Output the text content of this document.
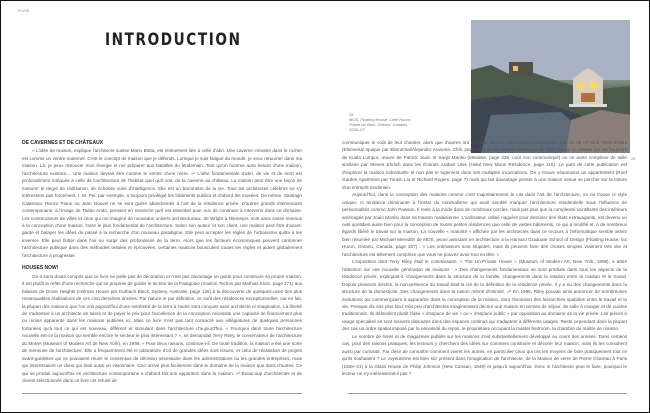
P.0/26
INTRODUCTION
26
MOS, Floating House, Lake Huron, Pointe du Baril, Ontario, Canada, 2006–07
28
DE CAVERNES ET DE CHÂTEAUX

« L'idée de maison, explique l'architecte suisse Mario Botta, est intimement liée à celle d'abri. Une caverne creusée dans le rocher est comme un ventre maternel. C'est le concept de maison que je défends. Lorsque je suis fatigué du monde, je veux retourner dans ma maison. Là, je peux retrouver mon énergie et me préparer aux batailles du lendemain. Tant qu'un homme aura besoin d'une maison, l'architecture existera… Une maison devrait être comme le ventre d'une mère. »¹ L'idée fondamentale d'abri, de vie et de mort est profondément intriquée à celle de l'architecture de l'habitat quel qu'il soit, de la caverne au château. La maison peut être une façon de mesurer le degré de civilisation, de richesse voire d'intelligence. Elle est un baromètre de la vie. Tous les architectes célèbres ne s'y intéressent pas forcément. I. M. Pei, par exemple, a toujours privilégié les bâtiments publics et d'abord les musées. De même, Santiago Calatrava, Renzo Piano ou Jean Nouvel ne se sont guère abandonnés à l'art de la résidence privée. D'autres grands intervenants contemporains, à l'image de Tadao Ando, pensent en revanche qu'il est essentiel pour eux de continuer à intervenir dans ce domaine. Les constructeurs de villes et ceux qui ont imaginé de nouveaux univers architecturaux, de Wright à Niemeyer, sont sans cesse revenus à la conception d'une maison, l'acte le plus fondamental de l'architecture. Selon son auteur et son client, une maison peut être d'avant-garde et balayer les idées du passé à la recherche d'un nouveau paradigme. Elle peut accepter les règles de l'urbanisme quitte à les inverser. Elle peut flotter dans l'air ou surgir des profondeurs de la terre. Alors que les facteurs économiques peuvent cantonner l'architecture publique dans des méthodes testées et éprouvées, certaines maisons bousculent toutes les règles et aident globalement l'architecture à progresser.

HOUSES NOW!

On a sans doute compris que ce livre ne parle pas de décoration et n'est pas davantage un guide pour construire sa propre maison. Il est plutôt le reflet d'une recherche qui se propose de guider le lecteur de la Patagonie (maison Techos par Mathias Klotz, page 271) aux falaises de Dover Heights (Holman House par Durbach Block, Sydney, Australie, page 135) à la découverte de quelques-unes des plus remarquables réalisations de ces cinq dernières années. Par nature et par définition, ce sont des résidences exceptionnelles, car en fait, la plupart des maisons que l'on voit aujourd'hui d'une extrémité de la terre à l'autre sont conçues sans architecte ni imagination. La liberté de s'adresser à un architecte de talent et de payer le prix pour l'excellence de la conception nécessite une capacité de financement plus ou moins apparente dans les maisons publiées ici. Mais ce livre n'est pas tant consacré aux villégiatures de quelques personnes fortunées qu'à tout ce qui est nouveau, différent et stimulant dans l'architecture d'aujourd'hui. « Pourquoi dans toute l'architecture nouvelle est-ce la maison qui semble encore le secteur le plus intéressant ? », se demandait Terry Riley, le conservateur de l'architecture du MoMA (Museum of Modern Art de New York), en 1999. « Pour deux raisons, continue-t-il. De toute tradition, la maison a été une sorte de meneuse de l'architecture. Elle a fréquemment été le laboratoire d'où de grandes idées sont issues, et celui de réalisation de projets avant-gardistes qui ne pouvaient réunir le consensus de décision nécessaire dans les administrations ou les grandes entreprises, mais qui intéressaient un client qui était aussi un visionnaire. Ceci arrive plus facilement dans le domaine de la maison que dans d'autres. Ce qui se produit aujourd'hui en architecture contemporaine a d'abord fait son apparition dans la maison. »² Beaucoup d'architectes et de clients sélectionnés dans ce livre ont refusé de

communiquer le coût de leur chantier, alors que d'autres ont été plus directs. Les maisons présentées vont de 36 m² pour 7500 dollars (Elemental Iquique par Elemental/Alejandro Aravena, Chili, page 151) à une énorme résidence de 3000 m² qui se dresse sur les hauteurs de Kuala Lumpur, œuvre de Patrick Jouin et Sanjit Manku (Malaisie, page 235, coût non communiqué) ou un autre complexe de taille similaire par Steven Ehrlich dans les Émirats Arabes Unis (Helal New Moon Residence, page 115). Le parti de cette publication est d'explorer la maison individuelle et non pas le logement dans ses multiples incarnations. On y trouve néanmoins un appartement (Roof Garden Apartment par Tonkin Liu et Richard Rogers, page 7) mais qui fait davantage penser à une maison venue se percher sur la toiture d'un entrepôt londonien.

Aujourd'hui, dans la conception des maisons comme c'est majoritairement le cas dans l'art de l'architecture, on ne trouve ni style unique, ni tendance dominante à l'instar du minimalisme qui avait semblé marquer l'architecture résidentielle sous l'influence de personnalités comme John Pawson. Il reste à la mode dans de nombreux cercles, mais pas plus que la complexité scintillante des intérieurs aménagés par Jouin Manku dans sa maison malaisienne. L'ordinateur, utilisé naguère pour dessiner des états extravagants, est devenu un outil quotidien aussi bien pour la conception de toutes petites résidences que celle de vastes bâtiments, ce qui a modifié et, à de nombreux égards libéré le travail sur la maison. La nouvelle « maturité » affichée par les architectes dans ce recours à l'informatique semble assez bien résumée par Michael Meredith de MOS, jeune assistant en architecture à la Harvard Graduate School of Design (Floating House, lac Huron, Ontario, Canada, page 307) : « Les ordinateurs sont stupides, mais ils peuvent faire des choses simples vraiment très vite et l'architecture est tellement complexe que vous ne pouvez avoir tout en tête. »

L'exposition dont Terry Riley était le commissaire, « The Un-Private House » (Museum of Modern Art, New York, 1999), a attiré l'attention sur une nouvelle génération de maisons : « Des changements fondamentaux se sont produits dans tous les aspects de la résidence privée, expliquait-il, changements dans la structure de la famille, changements dans la relation entre la maison et le travail. Depuis plusieurs siècles, la non-présence du travail était la clé de la définition de la résidence privée. Il y a eu des changements dans la structure de la domesticité. Des changements dans la notion même d'intimité. »³ En 1999, Riley pouvait ainsi annoncer de nombreuses évolutions qui commençaient à apparaître dans la conception de la maison, dont l'évolution des hiérarchies spatiales entre le travail et la vie. Presque dix ans plus tard, très peu d'architectes imagineraient décrire une maison en termes de séjour, de salle à manger et de cuisine traditionnels. Ils défendent plutôt l'idée « d'espace de vie » ou « d'espace public » par opposition au domaine de la vie privée. Les pièces à usage spécialisé se sont souvent dissoutes dans des espaces continus qui s'adaptent à différents usages. Reste cependant dans la plupart des cas un ordre spatial imposé par la nécessité du repos, le propriétaire occupant la master bedroom, la chambre du maître de maison.

Le nombre de livres et de magazines publiés sur les maisons s'est substantiellement développé au cours des années. Dans certains cas, pour des raisons pratiques, les lecteurs y cherchent des idées sur comment construire et décorer leur maison, mais ils les consultent aussi par curiosité. Par désir de connaître comment vivent les autres, en particulier ceux qui ont les moyens de faire pratiquement tout ce qu'ils souhaitent ? Le voyeurisme est bien sûr présent dans l'imagination de l'architecte, de la Maison de verre de Pierre Chareau à Paris (1928–31) à la Glass House de Philip Johnson (New Canaan, 1949) et jusqu'à aujourd'hui. Donc si l'architecte peut le faire, pourquoi le lecteur ne s'y intéresserait-il pas ?
